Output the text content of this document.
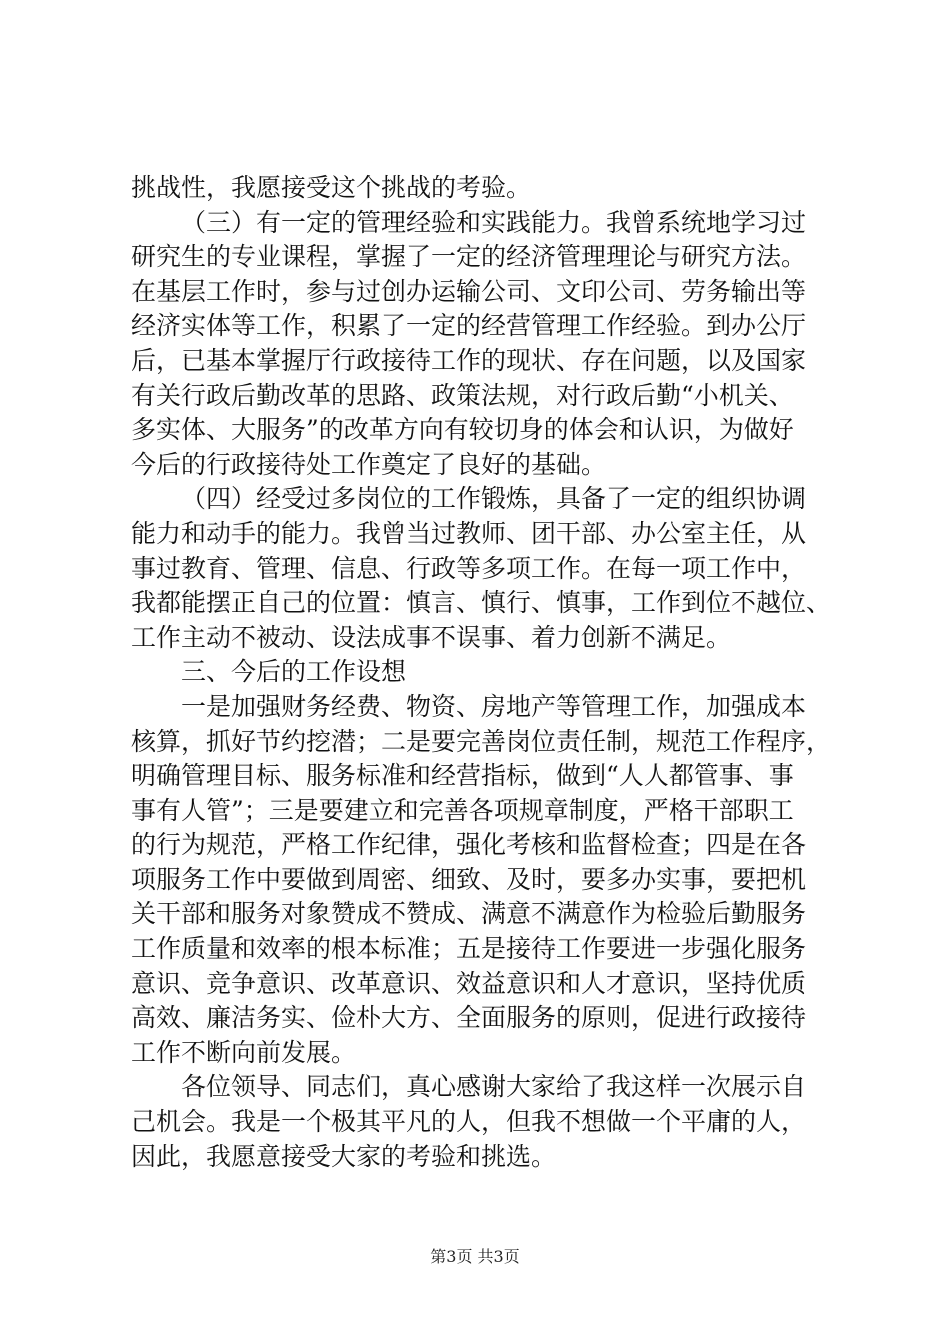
挑战性，我愿接受这个挑战的考验。
（三）有一定的管理经验和实践能力。我曾系统地学习过
研究生的专业课程，掌握了一定的经济管理理论与研究方法。
在基层工作时，参与过创办运输公司、文印公司、劳务输出等
经济实体等工作，积累了一定的经营管理工作经验。到办公厅
后，已基本掌握厅行政接待工作的现状、存在问题，以及国家
有关行政后勤改革的思路、政策法规，对行政后勤“小机关、
多实体、大服务”的改革方向有较切身的体会和认识，为做好
今后的行政接待处工作奠定了良好的基础。
（四）经受过多岗位的工作锻炼，具备了一定的组织协调
能力和动手的能力。我曾当过教师、团干部、办公室主任，从
事过教育、管理、信息、行政等多项工作。在每一项工作中，
我都能摆正自己的位置：慎言、慎行、慎事，工作到位不越位、
工作主动不被动、设法成事不误事、着力创新不满足。
三、今后的工作设想
一是加强财务经费、物资、房地产等管理工作，加强成本
核算，抓好节约挖潜；二是要完善岗位责任制，规范工作程序，
明确管理目标、服务标准和经营指标，做到“人人都管事、事
事有人管”；三是要建立和完善各项规章制度，严格干部职工
的行为规范，严格工作纪律，强化考核和监督检查；四是在各
项服务工作中要做到周密、细致、及时，要多办实事，要把机
关干部和服务对象赞成不赞成、满意不满意作为检验后勤服务
工作质量和效率的根本标准；五是接待工作要进一步强化服务
意识、竞争意识、改革意识、效益意识和人才意识，坚持优质
高效、廉洁务实、俭朴大方、全面服务的原则，促进行政接待
工作不断向前发展。
各位领导、同志们，真心感谢大家给了我这样一次展示自
己机会。我是一个极其平凡的人，但我不想做一个平庸的人，
因此，我愿意接受大家的考验和挑选。
第3页 共3页
